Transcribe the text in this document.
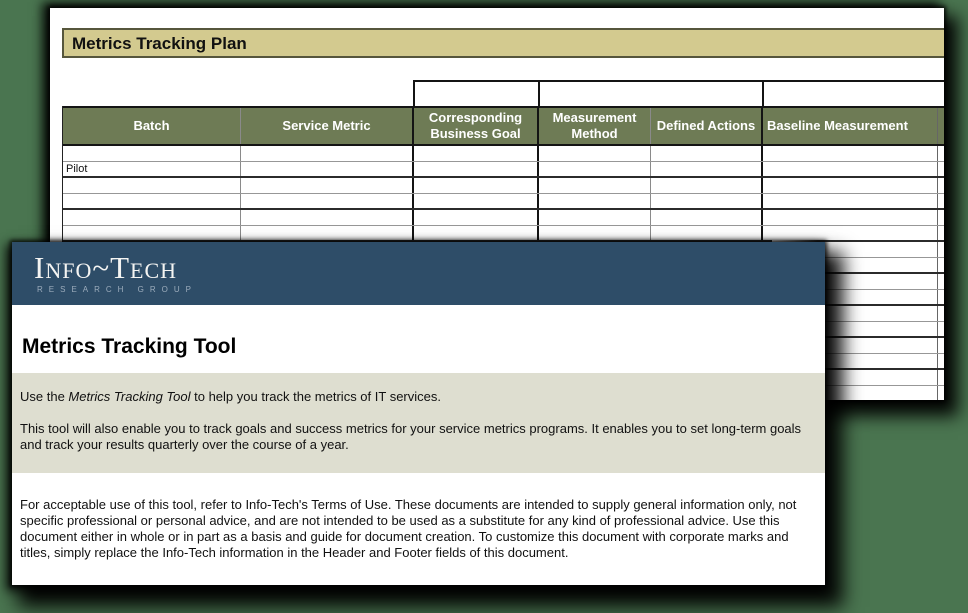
Metrics Tracking Plan
Batch	Service Metric
Corresponding Business Goal
Measurement Method
Defined Actions Baseline Measurement
Pilot
Info~Tech
RESEARCH GROUP
Metrics Tracking Tool
Use the Metrics Tracking Tool to help you track the metrics of IT services.
This tool will also enable you to track goals and success metrics for your service metrics programs. It enables you to set long-term goals and track your results quarterly over the course of a year.
For acceptable use of this tool, refer to Info-Tech's Terms of Use. These documents are intended to supply general information only, not specific professional or personal advice, and are not intended to be used as a substitute for any kind of professional advice. Use this document either in whole or in part as a basis and guide for document creation. To customize this document with corporate marks and titles, simply replace the Info-Tech information in the Header and Footer fields of this document.
